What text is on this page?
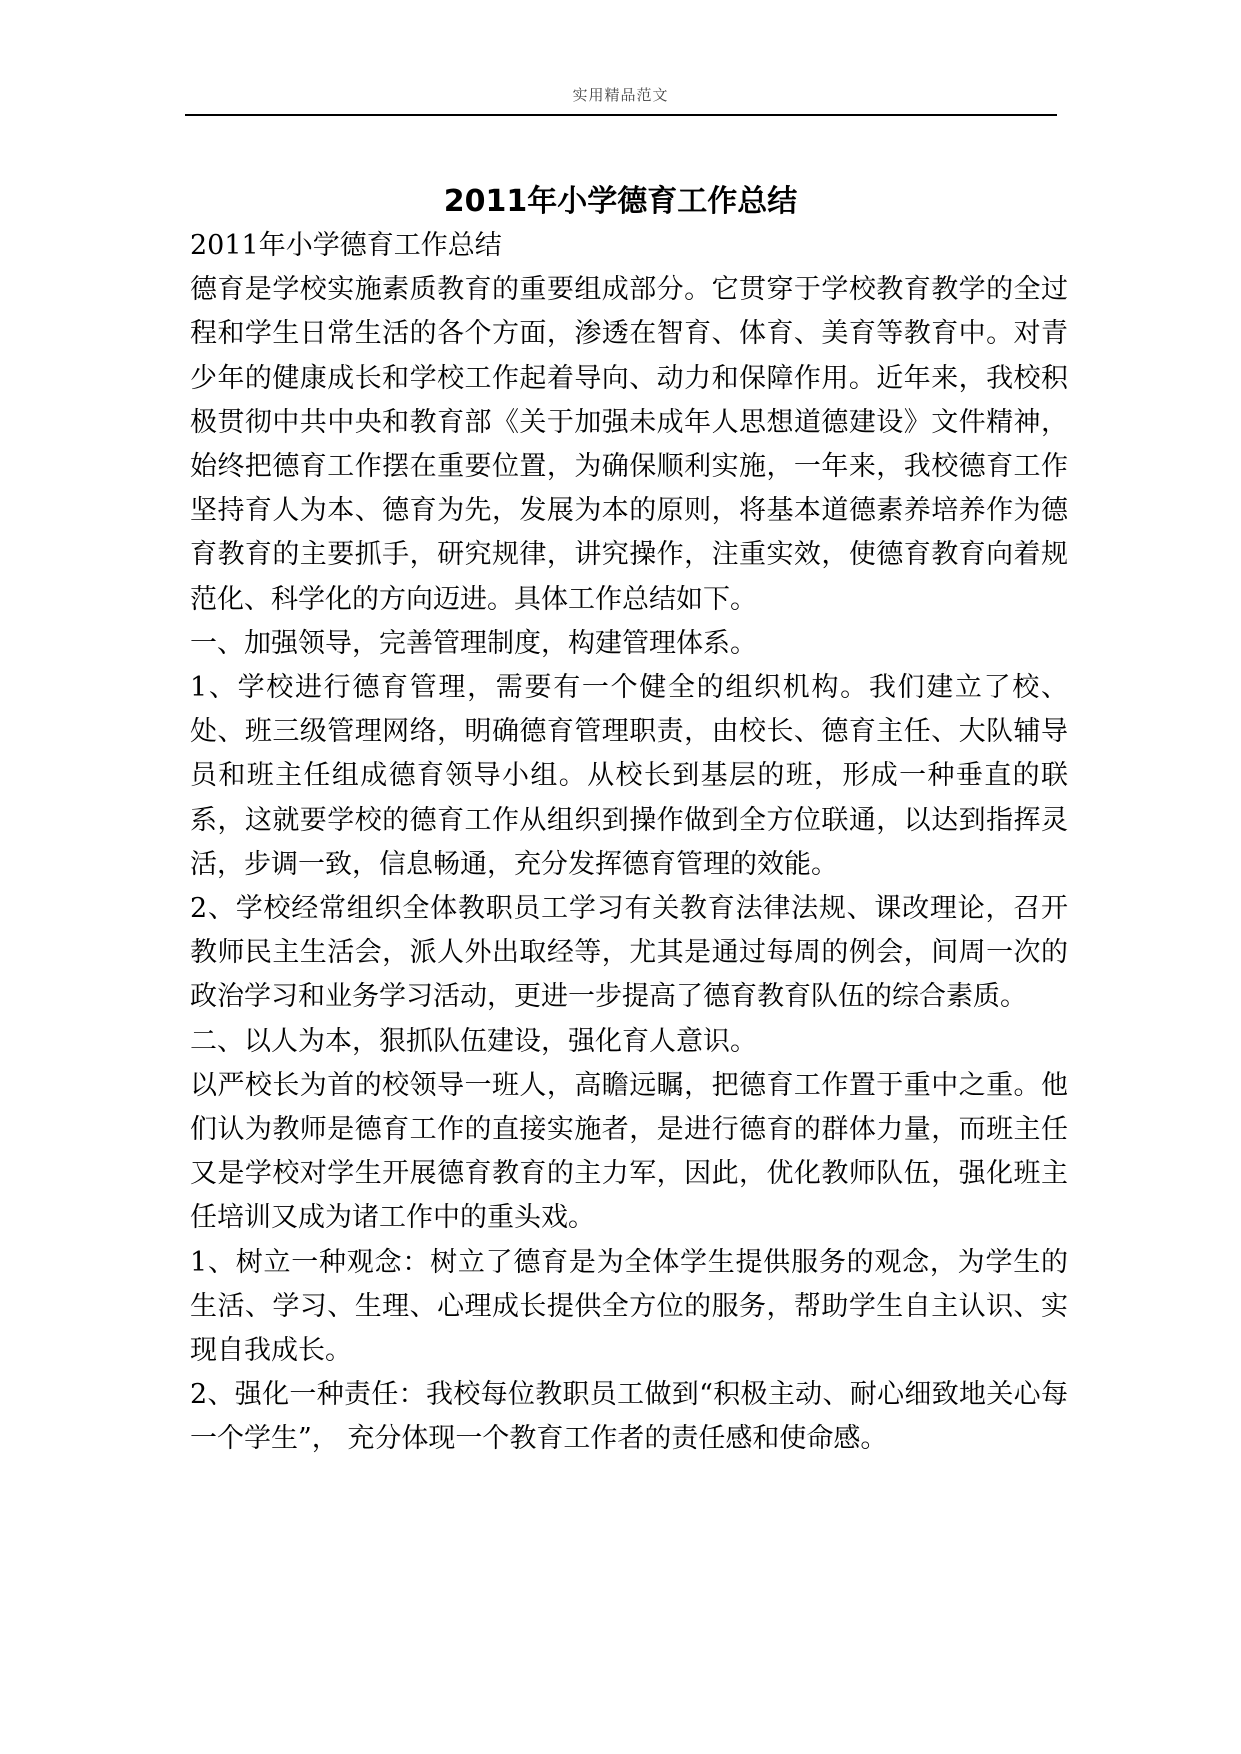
实用精品范文
2011年小学德育工作总结

2011年小学德育工作总结

德育是学校实施素质教育的重要组成部分。它贯穿于学校教育教学的全过程和学生日常生活的各个方面，渗透在智育、体育、美育等教育中。对青少年的健康成长和学校工作起着导向、动力和保障作用。近年来，我校积极贯彻中共中央和教育部《关于加强未成年人思想道德建设》文件精神，始终把德育工作摆在重要位置，为确保顺利实施，一年来，我校德育工作坚持育人为本、德育为先，发展为本的原则，将基本道德素养培养作为德育教育的主要抓手，研究规律，讲究操作，注重实效，使德育教育向着规范化、科学化的方向迈进。具体工作总结如下。

一、加强领导，完善管理制度，构建管理体系。

1、学校进行德育管理，需要有一个健全的组织机构。我们建立了校、处、班三级管理网络，明确德育管理职责，由校长、德育主任、大队辅导员和班主任组成德育领导小组。从校长到基层的班，形成一种垂直的联系，这就要学校的德育工作从组织到操作做到全方位联通，以达到指挥灵活，步调一致，信息畅通，充分发挥德育管理的效能。

2、学校经常组织全体教职员工学习有关教育法律法规、课改理论，召开教师民主生活会，派人外出取经等，尤其是通过每周的例会，间周一次的政治学习和业务学习活动，更进一步提高了德育教育队伍的综合素质。

二、以人为本，狠抓队伍建设，强化育人意识。

以严校长为首的校领导一班人，高瞻远瞩，把德育工作置于重中之重。他们认为教师是德育工作的直接实施者，是进行德育的群体力量，而班主任又是学校对学生开展德育教育的主力军，因此，优化教师队伍，强化班主任培训又成为诸工作中的重头戏。

1、树立一种观念：树立了德育是为全体学生提供服务的观念，为学生的生活、学习、生理、心理成长提供全方位的服务，帮助学生自主认识、实现自我成长。

2、强化一种责任：我校每位教职员工做到“积极主动、耐心细致地关心每一个学生”， 充分体现一个教育工作者的责任感和使命感。
